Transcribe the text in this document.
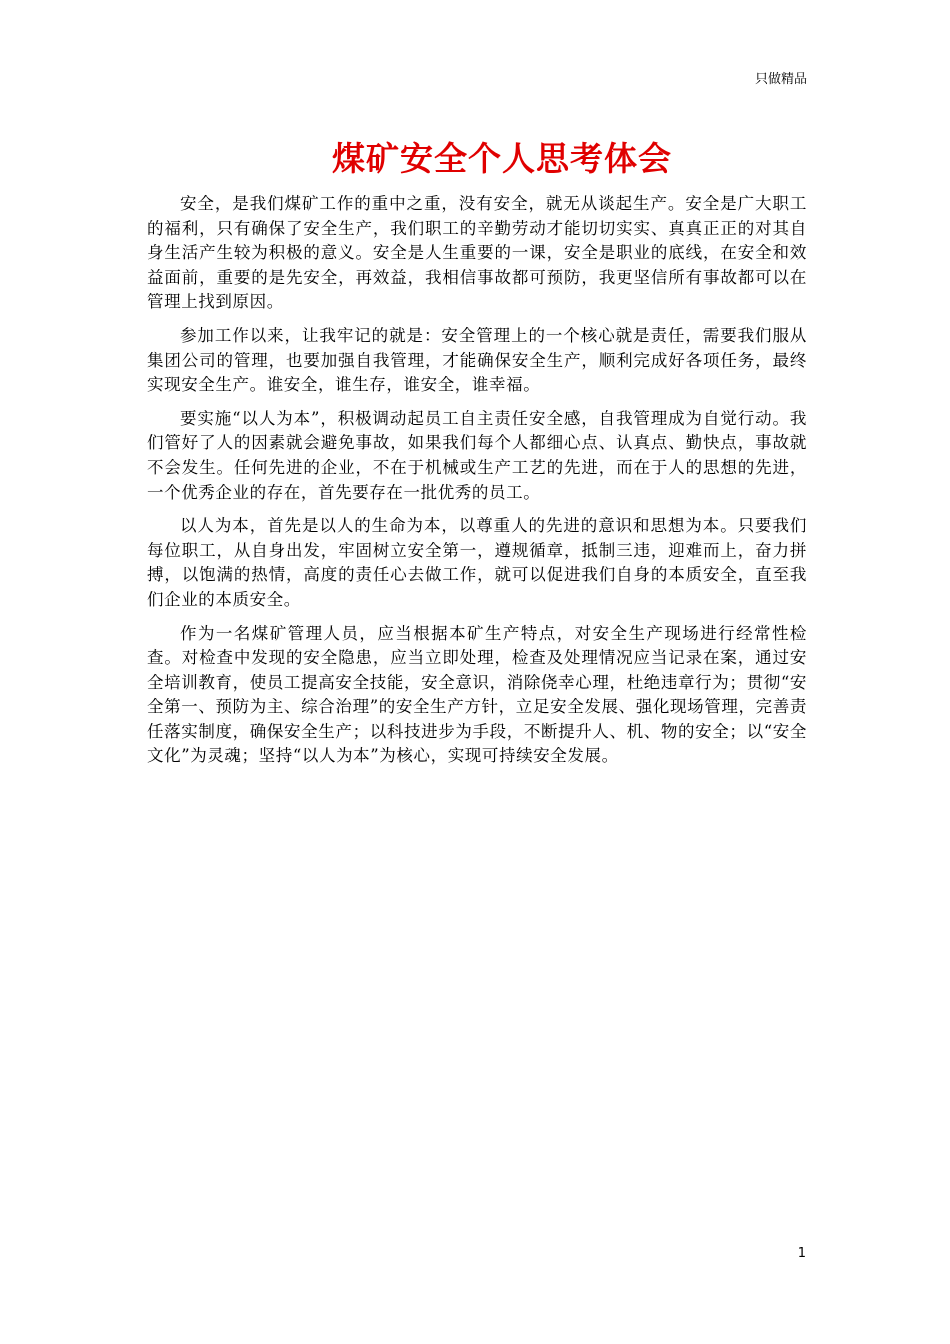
只做精品
煤矿安全个人思考体会

安全，是我们煤矿工作的重中之重，没有安全，就无从谈起生产。安全是广大职工的福利，只有确保了安全生产，我们职工的辛勤劳动才能切切实实、真真正正的对其自身生活产生较为积极的意义。安全是人生重要的一课，安全是职业的底线，在安全和效益面前，重要的是先安全，再效益，我相信事故都可预防，我更坚信所有事故都可以在管理上找到原因。

参加工作以来，让我牢记的就是：安全管理上的一个核心就是责任，需要我们服从集团公司的管理，也要加强自我管理，才能确保安全生产，顺利完成好各项任务，最终实现安全生产。谁安全，谁生存，谁安全，谁幸福。

要实施“以人为本”，积极调动起员工自主责任安全感，自我管理成为自觉行动。我们管好了人的因素就会避免事故，如果我们每个人都细心点、认真点、勤快点，事故就不会发生。任何先进的企业，不在于机械或生产工艺的先进，而在于人的思想的先进，一个优秀企业的存在，首先要存在一批优秀的员工。

以人为本，首先是以人的生命为本，以尊重人的先进的意识和思想为本。只要我们每位职工，从自身出发，牢固树立安全第一，遵规循章，抵制三违，迎难而上，奋力拼搏，以饱满的热情，高度的责任心去做工作，就可以促进我们自身的本质安全，直至我们企业的本质安全。

作为一名煤矿管理人员，应当根据本矿生产特点，对安全生产现场进行经常性检查。对检查中发现的安全隐患，应当立即处理，检查及处理情况应当记录在案，通过安全培训教育，使员工提高安全技能，安全意识，消除侥幸心理，杜绝违章行为；贯彻“安全第一、预防为主、综合治理”的安全生产方针，立足安全发展、强化现场管理，完善责任落实制度，确保安全生产；以科技进步为手段，不断提升人、机、物的安全；以“安全文化”为灵魂；坚持“以人为本”为核心，实现可持续安全发展。

1
